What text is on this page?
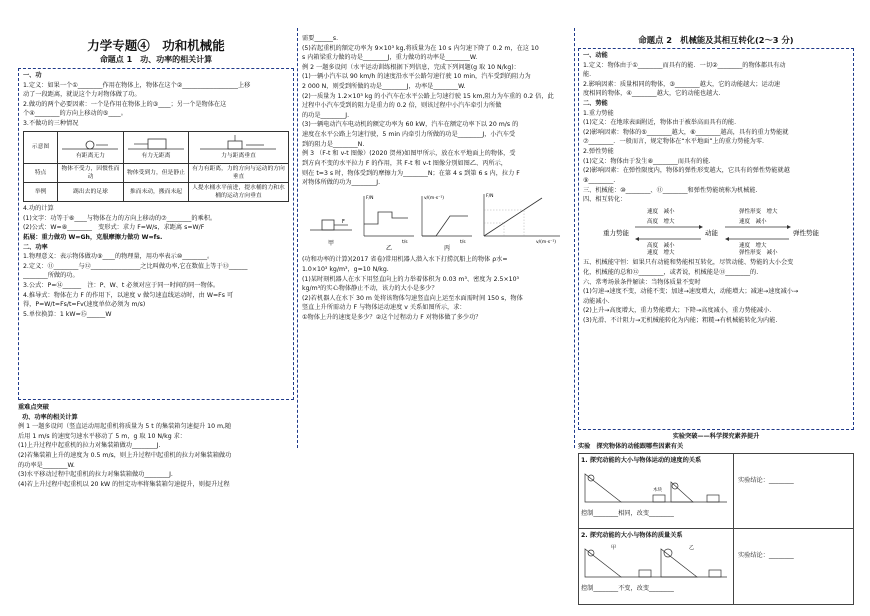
力学专题④　功和机械能
命题点 1　功、功率的相关计算
一、功
1.定义：如果一个①________作用在物体上，物体在这个②__________________上移
动了一段距离，就说这个力对物体做了功。
2.做功的两个必要因素：一个是作用在物体上的③____；另一个是物体在这
个④________的方向上移动的⑤____。
3.不做功的三种情况
示意图	有距离无力	有力无距离	力与距离垂直

特点	物体不受力，因惯性而动	物体受到力，但是静止	有力有距离，力的方向与运动的方向垂直
举例	踢出去的足球	推而未动，搬而未起	人提水桶水平前进，提水桶的力和水桶的运动方向垂直
4.功的计算
(1)文字：功等于⑥____与物体在力的方向上移动的⑦________的乘积。
(2)公式：W=⑧________　变形式：求力 F=W/s，求距离 s=W/F
拓展：重力做功 W=Gh，克服摩擦力做功 W=fs.
二、功率
1.物理意义：表示物体做功⑨____的物理量，用功率表示⑩________。
2.定义：⑪________与⑫________________之比叫做功率,它在数值上等于⑬______
________所做的功。
3.公式：P=⑭______　注：P、W、t 必须对应于同一时间的同一物体。
4.推导式：物体在力 F 的作用下，以速度 v 做匀速直线运动时，由 W=Fs 可
得，P=W/t=Fs/t=Fv(速度单位必须为 m/s)
5.单位换算：1 kW=⑮______W
重难点突破
功、功率的相关计算
例 1 一题多设问（竖直运动用起重机将质量为 5 t 的集装箱匀速提升 10 m,随
后用 1 m/s 的速度匀速水平移动了 5 m，g 取 10 N/kg 求：
(1)上升过程中起重机的拉力对集装箱做功________J.
(2)若集装箱上升的速度为 0.5 m/s，则上升过程中起重机的拉力对集装箱做功
的功率是________W.
(3)水平移动过程中起重机的拉力对集装箱做功________J.
(4)若上升过程中起重机以 20 kW 的恒定功率将集装箱匀速提升，则提升过程
需要______s.
(5)若起重机的額定功率为 9×10³ kg,将质量为在 10 s 内匀速下降了 0.2 m，在这 10
s 内箱梁重力做的功是________J，重力做功的功率是________W.
例 2 一题多设问（水平运动训练根据下列信息，完成下列问题(g 取 10 N/kg)：
(1)一辆小汽车以 90 km/h 的速度沿水平公路匀速行驶 10 min，汽车受到的阻力为
2 000 N，则受到所做的功是________J，功率是________W.
(2)一质量为 1.2×10³ kg 的小汽车在水平公路上匀速行驶 15 km,阻力为车重的 0.2 倍，此
过程中小汽车受到的阻力是重力的 0.2 倍，则该过程中小汽车牵引力所做
的功是________J.
(3)一辆电动汽车电动机的额定功率为 60 kW，汽车在额定功率下以 20 m/s 的
速度在水平公路上匀速行驶，5 min 内牵引力所做的功是________J，小汽车受
到的阻力是________N.
例 3 （F-t 和 v-t 图像）(2020 贺州)如图甲所示，放在水平地面上的物体，受
到方向不变的水平拉力 F 的作用，其 F-t 和 v-t 图像分别如图乙、丙所示，
则在 t=3 s 时，物体受到的摩擦力为________N；在第 4 s 到第 6 s 内，拉力 F
对物体所做的功为________J.
F
甲
F/N
t/s
乙
v/(m·s⁻¹)
t/s
丙
F/N
v/(m·s⁻¹)
(功和功率的计算)(2017 省卷)常用机器人潜入水下打捞沉船上的物体 ρ水=
1.0×10³ kg/m³，g=10 N/kg.
(1)某时刻机器人在水下用竖直向上的力举着体积为 0.03 m³、密度为 2.5×10³
kg/m³的实心物体静止不动，该力的大小是多少？
(2)若机器人在水下 30 m 处将该物体匀速竖直向上运至水面需时间 150 s，物体
竖直上升所需动力 F 与物体运动速度 v 关系如图所示，求：
①物体上升的速度是多少？②这个过程动力 F 对物体做了多少功？
命题点 2　机械能及其相互转化(2～3 分)
一、动能
1.定义：物体由于①________而具有的能．一切②________的物体都具有动
能.
2.影响因素：质量相同的物体，③________越大，它的动能越大；运动速
度相同的物体，④________越大，它的动能也越大.
二、势能
1.重力势能
(1)定义：在地球表面附近，物体由于被举高而具有的能.
(2)影响因素：物体的⑤________越大，⑥________越高，具有的重力势能就
⑦________．一般而言，规定物体在“水平地面”上的重力势能为零.
2.弹性势能
(1)定义：物体由于发生⑧________而具有的能.
(2)影响因素：在弹性限度内，物体的弹性形变越大，它具有的弹性势能就越
⑨________.
三、机械能：⑩________、⑪________和弹性势能统称为机械能.
四、相互转化：
重力势能	动能	弹性势能
速度　减小
高度　增大
高度　减小
速度　增大
弹性形变　增大
速度　减小
速度　增大
弹性形变　减小
五、机械能守恒：如果只有动能和势能相互转化，尽管动能、势能的大小会变
化，机械能的总和⑫________，或者说，机械能是⑬________的.
六、常考场景条件解读：当物体质量不变时
(1)匀速→速度不变，动能不变；加速→速度增大，动能增大；减速→速度减小→
动能减小.
(2)上升→高度增大，重力势能增大；下降→高度减小，重力势能减小.
(3)光滑、不计阻力→无机械能转化为内能；粗糙→有机械能转化为内能.
实验突破——科学探究素养提升
实验　探究物体的动能跟哪些因素有关
1. 探究动能的大小与物体运动的速度的关系
木块
控制________相同，改变________
实验结论：________
2. 探究动能的大小与物体的质量关系
甲	乙
控制________不变，改变________
实验结论：________
